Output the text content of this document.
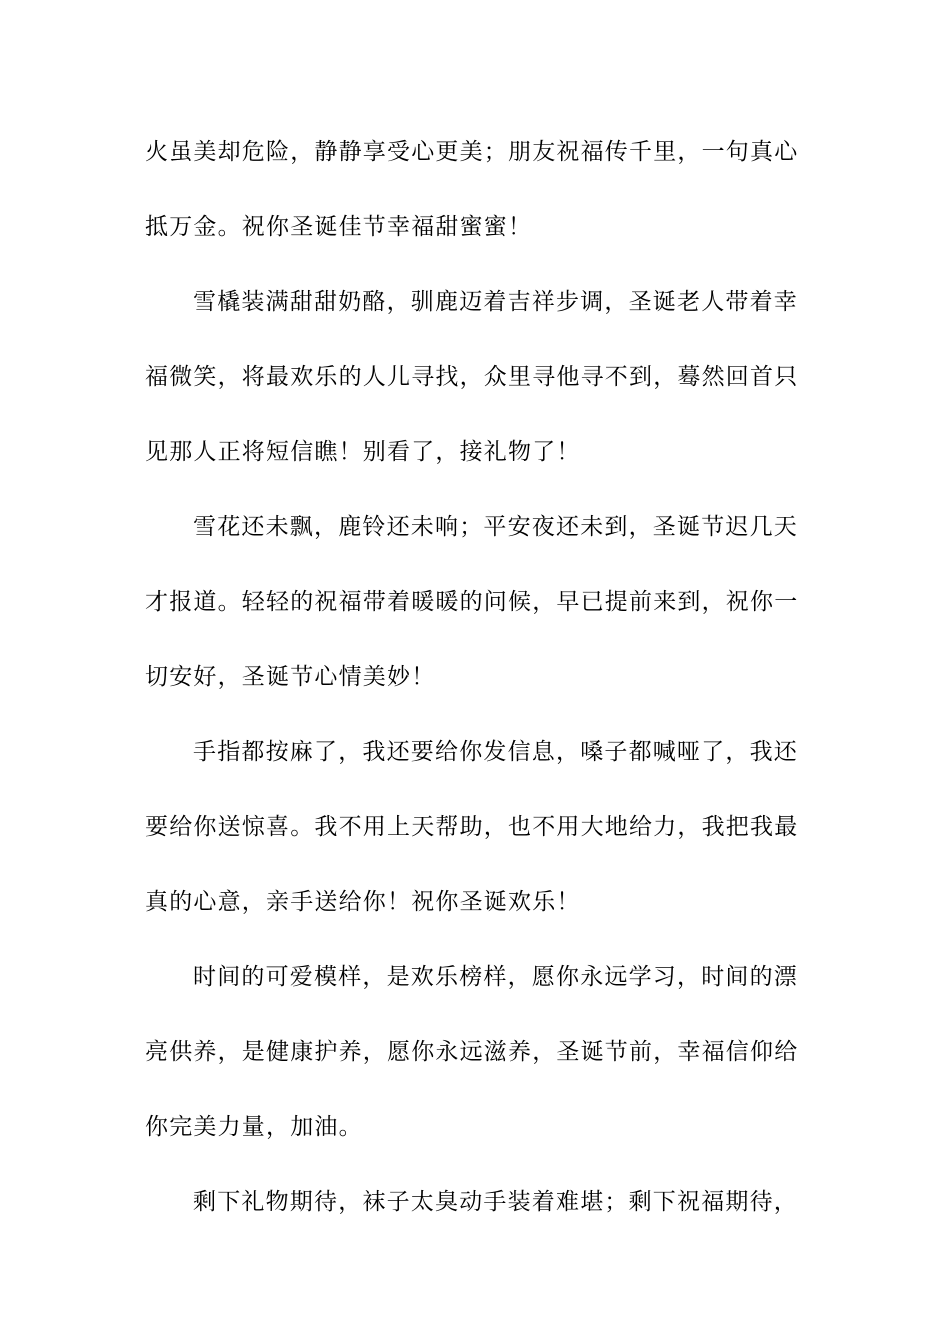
火虽美却危险，静静享受心更美；朋友祝福传千里，一句真心
抵万金。祝你圣诞佳节幸福甜蜜蜜！
雪橇装满甜甜奶酪，驯鹿迈着吉祥步调，圣诞老人带着幸
福微笑，将最欢乐的人儿寻找，众里寻他寻不到，蓦然回首只
见那人正将短信瞧！别看了，接礼物了！
雪花还未飘，鹿铃还未响；平安夜还未到，圣诞节迟几天
才报道。轻轻的祝福带着暖暖的问候，早已提前来到，祝你一
切安好，圣诞节心情美妙！
手指都按麻了，我还要给你发信息，嗓子都喊哑了，我还
要给你送惊喜。我不用上天帮助，也不用大地给力，我把我最
真的心意，亲手送给你！祝你圣诞欢乐！
时间的可爱模样，是欢乐榜样，愿你永远学习，时间的漂
亮供养，是健康护养，愿你永远滋养，圣诞节前，幸福信仰给
你完美力量，加油。
剩下礼物期待，袜子太臭动手装着难堪；剩下祝福期待，
